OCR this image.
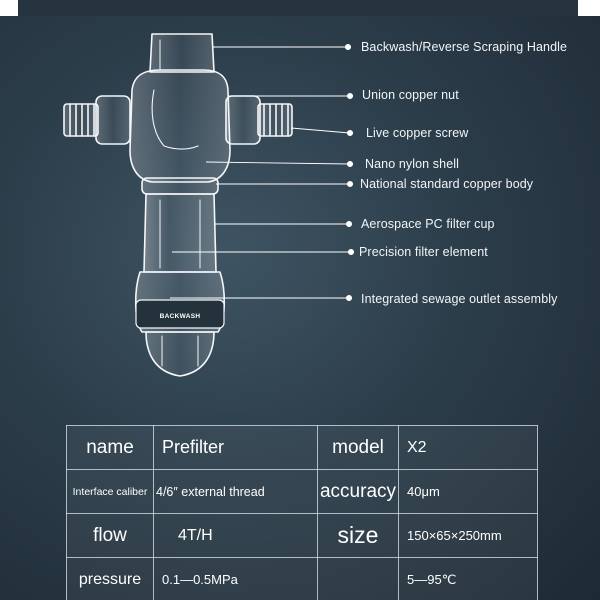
BACKWASH
Backwash/Reverse Scraping Handle
Union copper nut
Live copper screw
Nano nylon shell
National standard copper body
Aerospace PC filter cup
Precision filter element
Integrated sewage outlet assembly
name	Prefilter	model	X2
Interface caliber	4/6″ external thread	accuracy	40μm
flow	4T/H	size	150×65×250mm
pressure	0.1—0.5MPa		5—95℃
